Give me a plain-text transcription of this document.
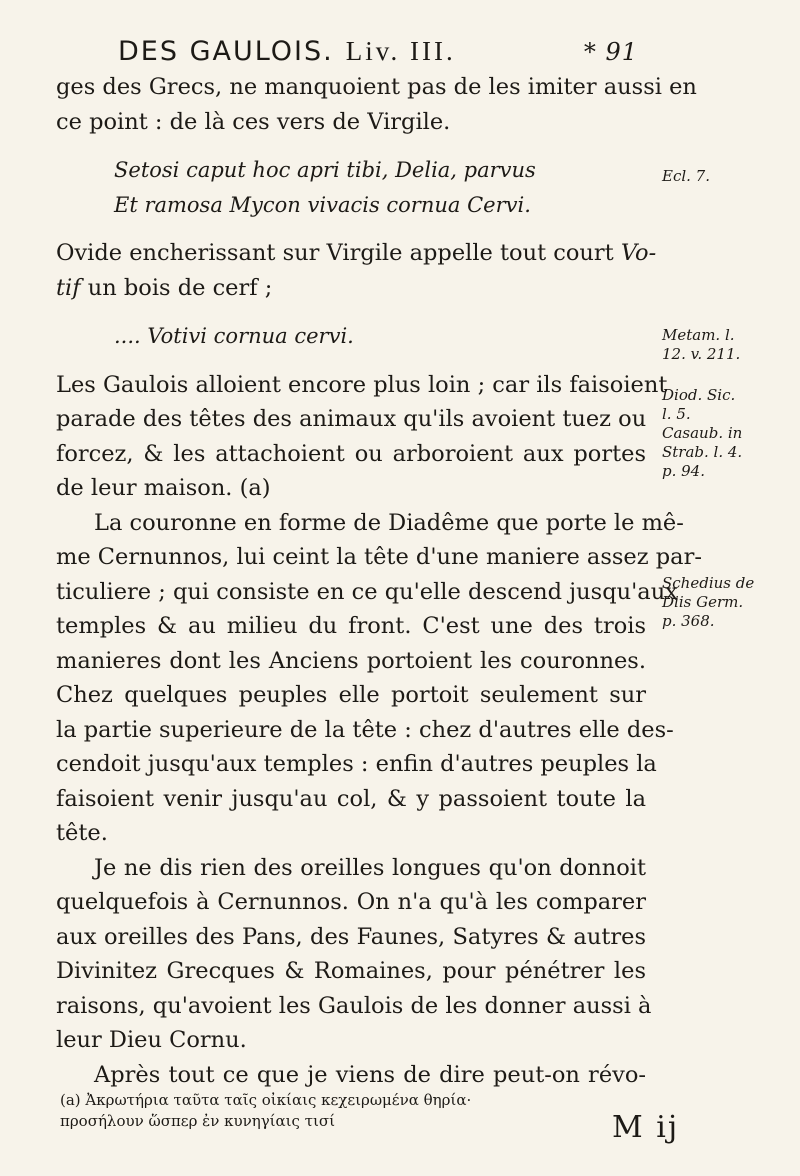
DES GAULOIS. Liv. III.	* 91
ges des Grecs, ne manquoient pas de les imiter aussi en
ce point : de là ces vers de Virgile.
Setosi caput hoc apri tibi, Delia, parvus
Et ramosa Mycon vivacis cornua Cervi.
Ovide encherissant sur Virgile appelle tout court Vo-
tif un bois de cerf ;
.... Votivi cornua cervi.
Les Gaulois alloient encore plus loin ; car ils faisoient
parade des têtes des animaux qu'ils avoient tuez ou
forcez, & les attachoient ou arboroient aux portes
de leur maison. (a)
La couronne en forme de Diadême que porte le mê-
me Cernunnos, lui ceint la tête d'une maniere assez par-
ticuliere ; qui consiste en ce qu'elle descend jusqu'aux
temples & au milieu du front. C'est une des trois
manieres dont les Anciens portoient les couronnes.
Chez quelques peuples elle portoit seulement sur
la partie superieure de la tête : chez d'autres elle des-
cendoit jusqu'aux temples : enfin d'autres peuples la
faisoient venir jusqu'au col, & y passoient toute la
tête.
Je ne dis rien des oreilles longues qu'on donnoit
quelquefois à Cernunnos. On n'a qu'à les comparer
aux oreilles des Pans, des Faunes, Satyres & autres
Divinitez Grecques & Romaines, pour pénétrer les
raisons, qu'avoient les Gaulois de les donner aussi à
leur Dieu Cornu.
Après tout ce que je viens de dire peut-on révo-
Ecl. 7.
Metam. l.
12. v. 211.
Diod. Sic.
l. 5.
Casaub. in
Strab. l. 4.
p. 94.
Schedius de
Diis Germ.
p. 368.
(a) Ἀκρωτήρια ταῦτα ταῖς οἰκίαις κεχειρωμένα θηρία·
προσήλουν ὥσπερ ἐν κυνηγίαις τισί	M ij
